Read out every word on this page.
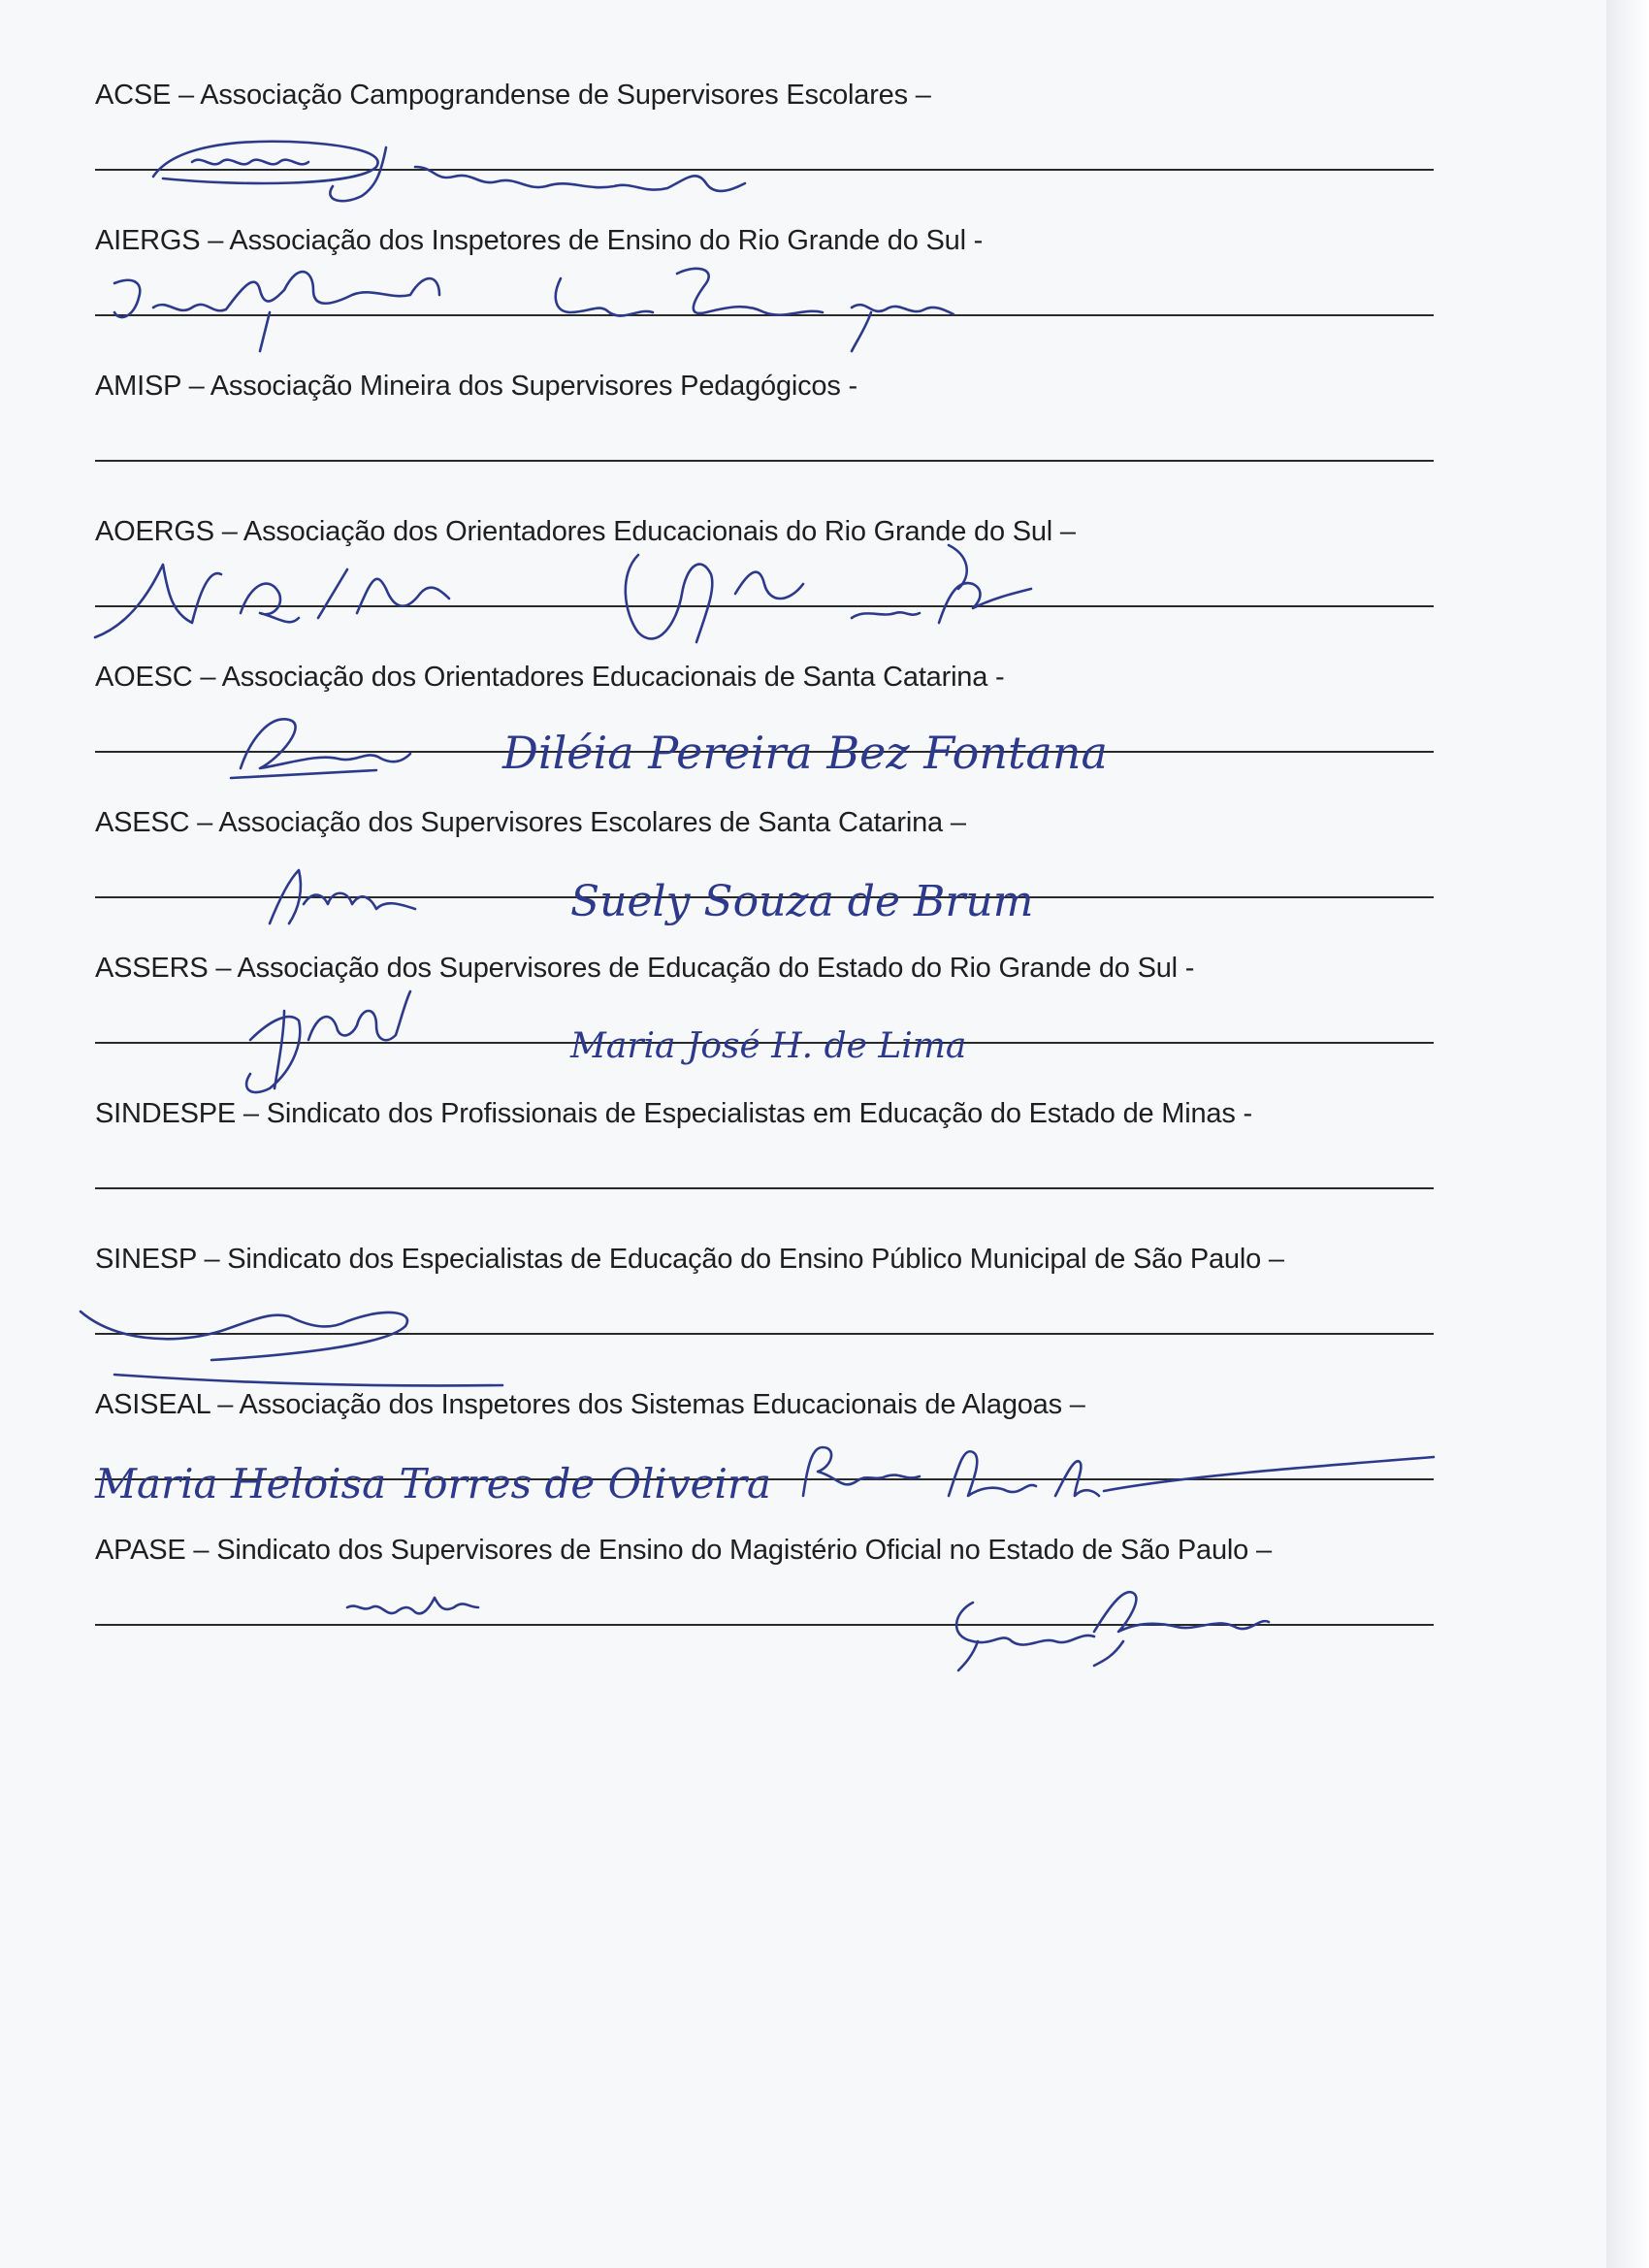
ACSE – Associação Campograndense de Supervisores Escolares –

AIERGS – Associação dos Inspetores de Ensino do Rio Grande do Sul -

AMISP – Associação Mineira dos Supervisores Pedagógicos -

AOERGS – Associação dos Orientadores Educacionais do Rio Grande do Sul –

AOESC – Associação dos Orientadores Educacionais de Santa Catarina -

Diléia Pereira Bez Fontana

ASESC – Associação dos Supervisores Escolares de Santa Catarina –

Suely Souza de Brum

ASSERS – Associação dos Supervisores de Educação do Estado do Rio Grande do Sul -

Maria José H. de Lima

SINDESPE – Sindicato dos Profissionais de Especialistas em Educação do Estado de Minas -

SINESP – Sindicato dos Especialistas de Educação do Ensino Público Municipal de São Paulo –

ASISEAL – Associação dos Inspetores dos Sistemas Educacionais de Alagoas –

Maria Heloisa Torres de Oliveira

APASE – Sindicato dos Supervisores de Ensino do Magistério Oficial no Estado de São Paulo –
